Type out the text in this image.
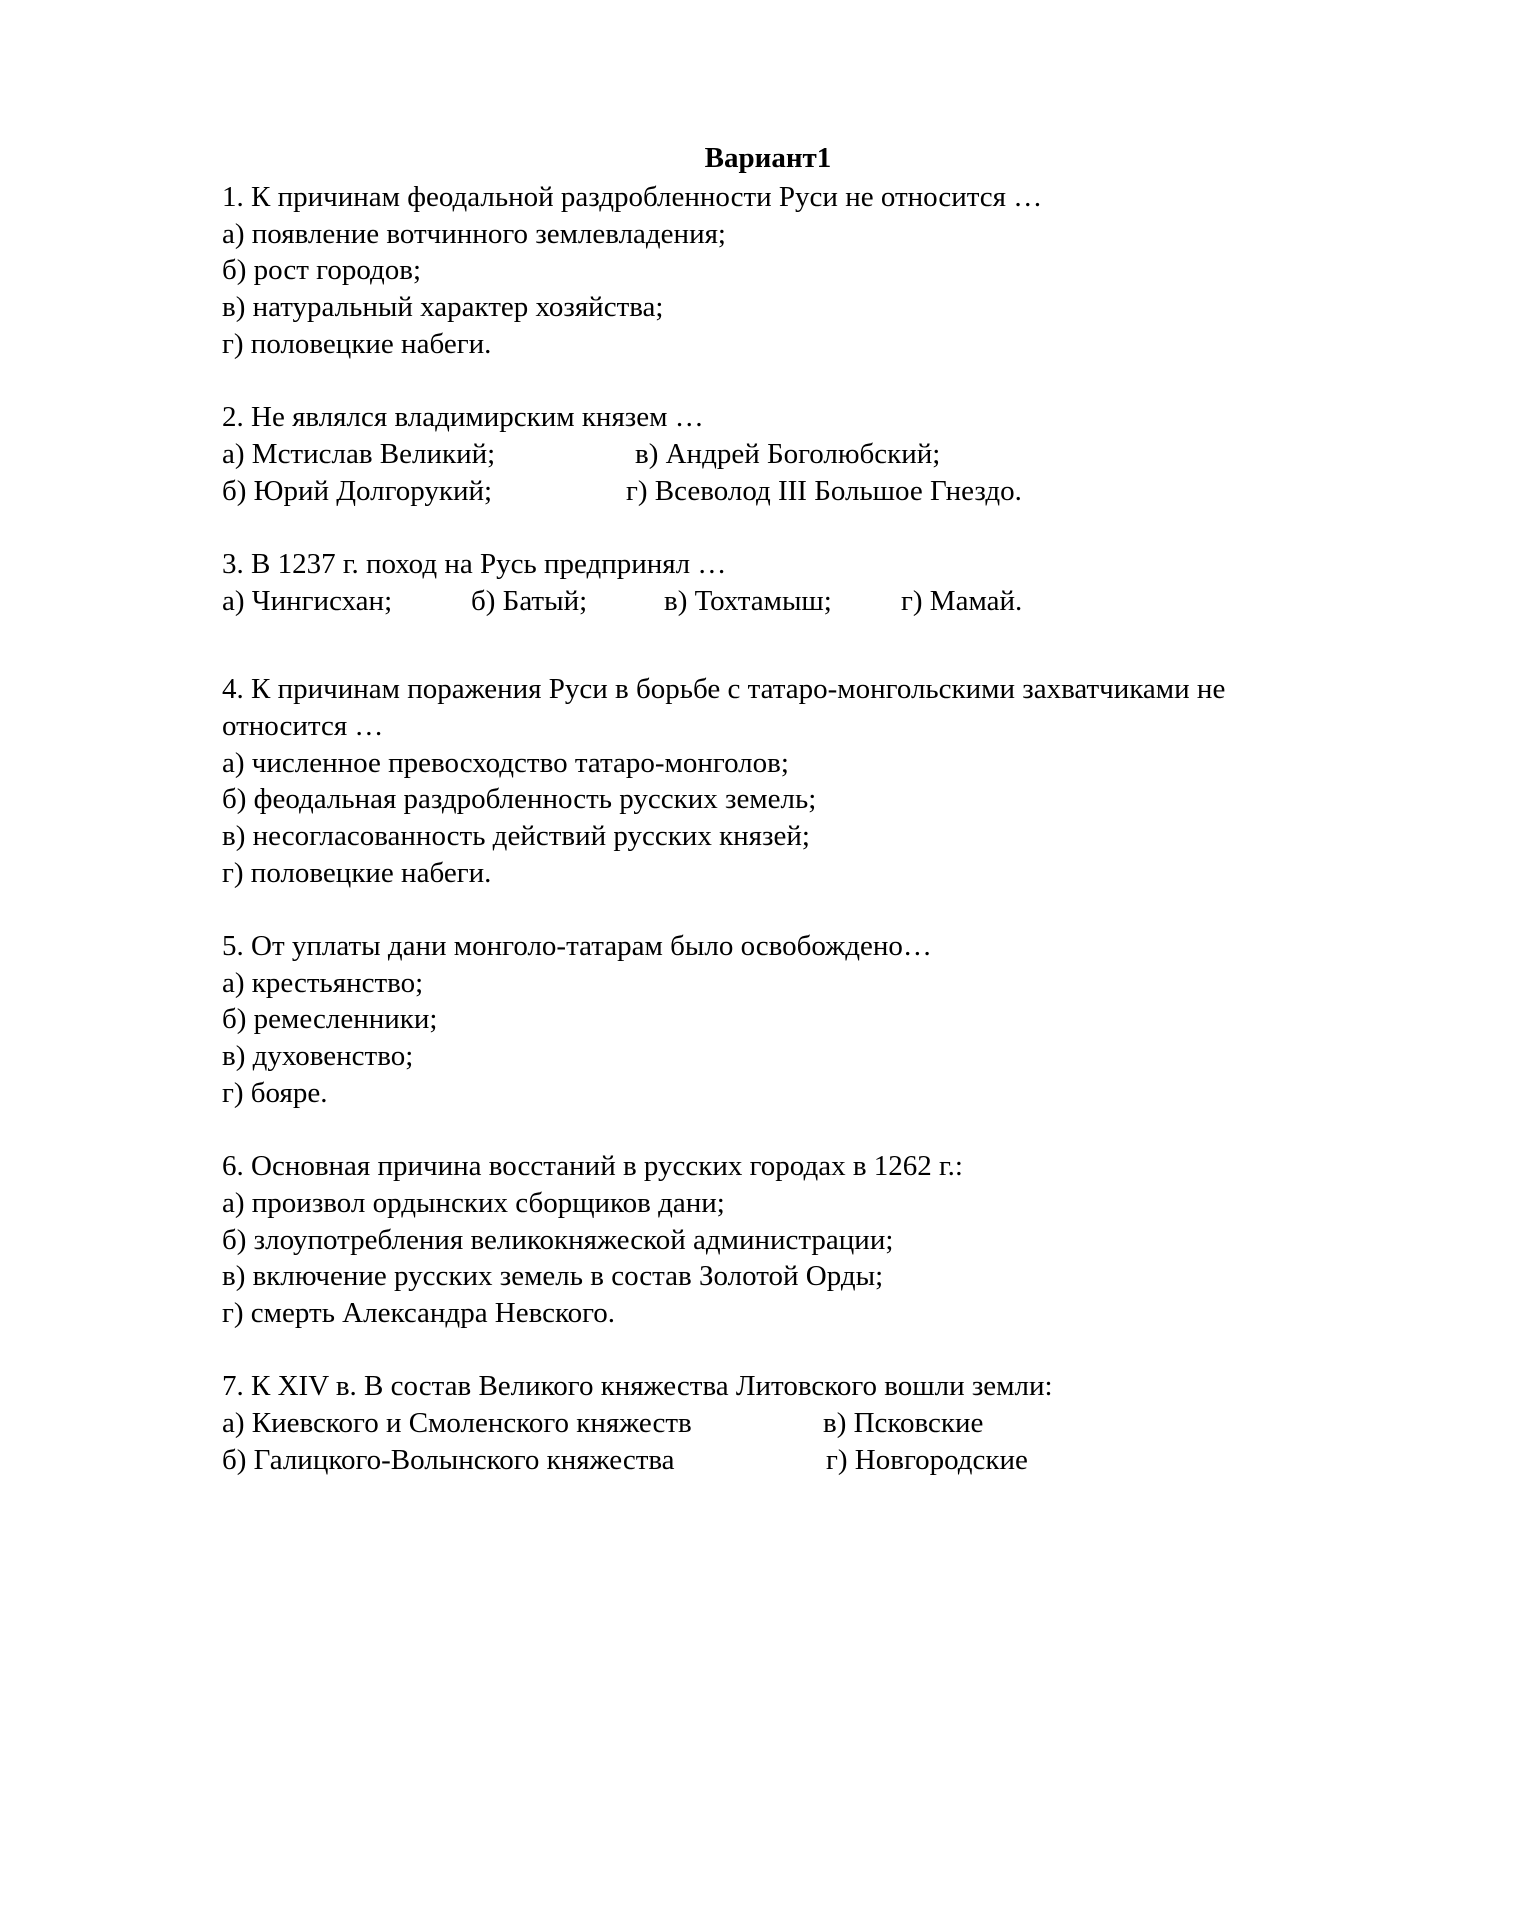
Вариант1
1. К причинам феодальной раздробленности Руси не относится …
а) появление вотчинного землевладения;
б) рост городов;
в) натуральный характер хозяйства;
г) половецкие набеги.
2. Не являлся владимирским князем …
а) Мстислав Великий;	в) Андрей Боголюбский;
б) Юрий Долгорукий;	г) Всеволод III Большое Гнездо.
3. В 1237 г. поход на Русь предпринял …
а) Чингисхан;	б) Батый;	в) Тохтамыш; г) Мамай.
4. К причинам поражения Руси в борьбе с татаро-монгольскими захватчиками не
относится …
а) численное превосходство татаро-монголов;
б) феодальная раздробленность русских земель;
в) несогласованность действий русских князей;
г) половецкие набеги.
5. От уплаты дани монголо-татарам было освобождено…
а) крестьянство;
б) ремесленники;
в) духовенство;
г) бояре.
6. Основная причина восстаний в русских городах в 1262 г.:
а) произвол ордынских сборщиков дани;
б) злоупотребления великокняжеской администрации;
в) включение русских земель в состав Золотой Орды;
г) смерть Александра Невского.
7. К XIV в. В состав Великого княжества Литовского вошли земли:
а) Киевского и Смоленского княжеств	в) Псковские
б) Галицкого-Волынского княжества	г) Новгородские
